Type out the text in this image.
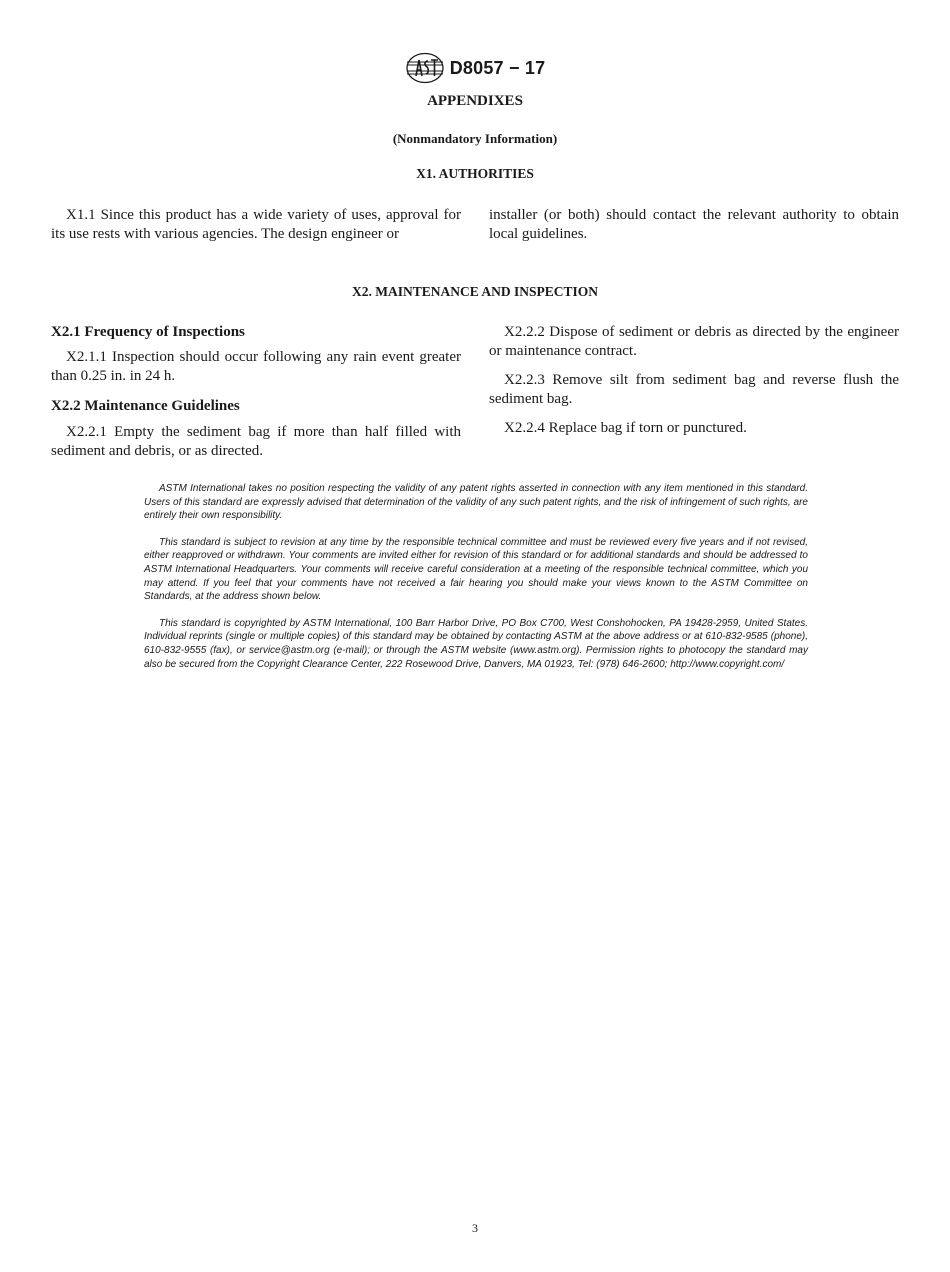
D8057 − 17
APPENDIXES
(Nonmandatory Information)
X1. AUTHORITIES

X1.1 Since this product has a wide variety of uses, approval for its use rests with various agencies. The design engineer or

installer (or both) should contact the relevant authority to obtain local guidelines.

X2. MAINTENANCE AND INSPECTION

X2.1 Frequency of Inspections

X2.1.1 Inspection should occur following any rain event greater than 0.25 in. in 24 h.

X2.2 Maintenance Guidelines

X2.2.1 Empty the sediment bag if more than half filled with sediment and debris, or as directed.

X2.2.2 Dispose of sediment or debris as directed by the engineer or maintenance contract.

X2.2.3 Remove silt from sediment bag and reverse flush the sediment bag.

X2.2.4 Replace bag if torn or punctured.

ASTM International takes no position respecting the validity of any patent rights asserted in connection with any item mentioned in this standard. Users of this standard are expressly advised that determination of the validity of any such patent rights, and the risk of infringement of such rights, are entirely their own responsibility.

This standard is subject to revision at any time by the responsible technical committee and must be reviewed every five years and if not revised, either reapproved or withdrawn. Your comments are invited either for revision of this standard or for additional standards and should be addressed to ASTM International Headquarters. Your comments will receive careful consideration at a meeting of the responsible technical committee, which you may attend. If you feel that your comments have not received a fair hearing you should make your views known to the ASTM Committee on Standards, at the address shown below.

This standard is copyrighted by ASTM International, 100 Barr Harbor Drive, PO Box C700, West Conshohocken, PA 19428-2959, United States. Individual reprints (single or multiple copies) of this standard may be obtained by contacting ASTM at the above address or at 610-832-9585 (phone), 610-832-9555 (fax), or service@astm.org (e-mail); or through the ASTM website (www.astm.org). Permission rights to photocopy the standard may also be secured from the Copyright Clearance Center, 222 Rosewood Drive, Danvers, MA 01923, Tel: (978) 646-2600; http://www.copyright.com/

3
